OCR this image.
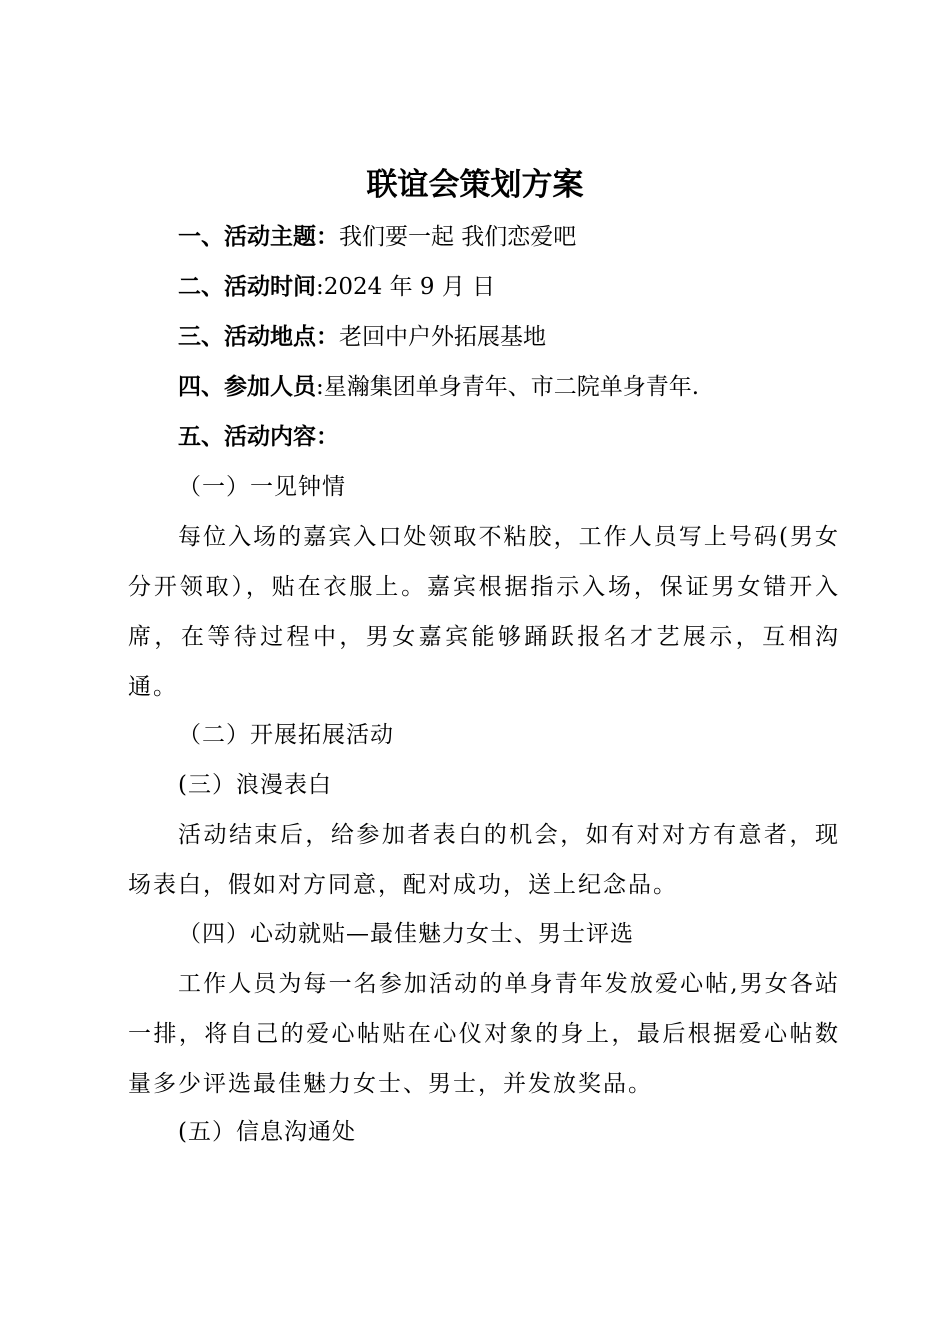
联谊会策划方案

一、活动主题：我们要一起 我们恋爱吧

二、活动时间:2024 年 9 月 日

三、活动地点：老回中户外拓展基地

四、参加人员:星瀚集团单身青年、市二院单身青年.

五、活动内容：

（一）一见钟情

每位入场的嘉宾入口处领取不粘胶，工作人员写上号码(男女分开领取），贴在衣服上。嘉宾根据指示入场，保证男女错开入席，在等待过程中，男女嘉宾能够踊跃报名才艺展示，互相沟通。

（二）开展拓展活动

(三）浪漫表白

活动结束后，给参加者表白的机会，如有对对方有意者，现场表白，假如对方同意，配对成功，送上纪念品。

（四）心动就贴—最佳魅力女士、男士评选

工作人员为每一名参加活动的单身青年发放爱心帖,男女各站一排，将自己的爱心帖贴在心仪对象的身上，最后根据爱心帖数量多少评选最佳魅力女士、男士，并发放奖品。

(五）信息沟通处
